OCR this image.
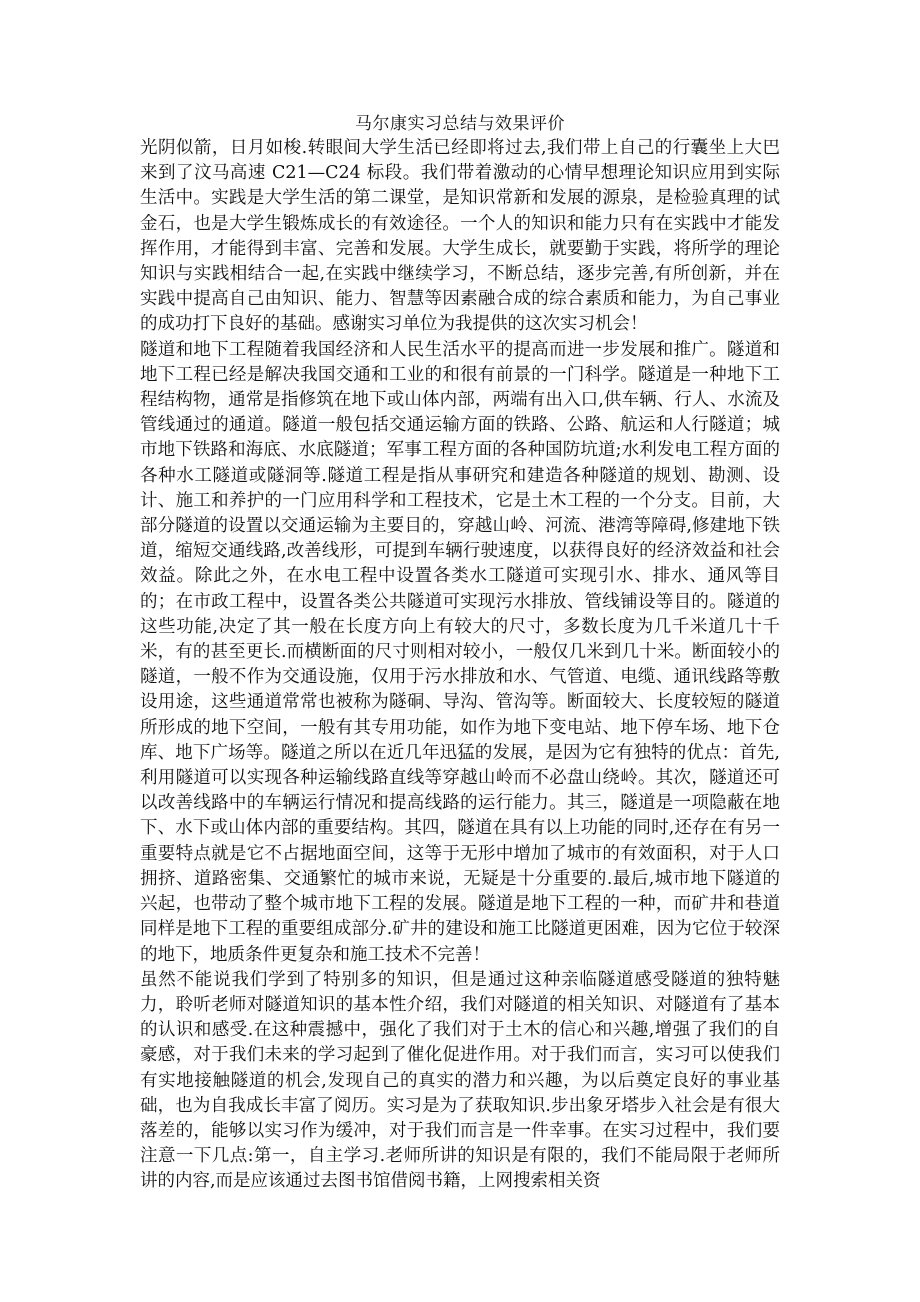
马尔康实习总结与效果评价

光阴似箭，日月如梭.转眼间大学生活已经即将过去,我们带上自己的行囊坐上大巴来到了汶马高速 C21—C24 标段。我们带着激动的心情早想理论知识应用到实际生活中。实践是大学生活的第二课堂，是知识常新和发展的源泉，是检验真理的试金石，也是大学生锻炼成长的有效途径。一个人的知识和能力只有在实践中才能发挥作用，才能得到丰富、完善和发展。大学生成长，就要勤于实践，将所学的理论知识与实践相结合一起,在实践中继续学习，不断总结，逐步完善,有所创新，并在实践中提高自己由知识、能力、智慧等因素融合成的综合素质和能力，为自己事业的成功打下良好的基础。感谢实习单位为我提供的这次实习机会！

隧道和地下工程随着我国经济和人民生活水平的提高而进一步发展和推广。隧道和地下工程已经是解决我国交通和工业的和很有前景的一门科学。隧道是一种地下工程结构物，通常是指修筑在地下或山体内部，两端有出入口,供车辆、行人、水流及管线通过的通道。隧道一般包括交通运输方面的铁路、公路、航运和人行隧道；城市地下铁路和海底、水底隧道；军事工程方面的各种国防坑道;水利发电工程方面的各种水工隧道或隧洞等.隧道工程是指从事研究和建造各种隧道的规划、勘测、设计、施工和养护的一门应用科学和工程技术，它是土木工程的一个分支。目前，大部分隧道的设置以交通运输为主要目的，穿越山岭、河流、港湾等障碍,修建地下铁道，缩短交通线路,改善线形，可提到车辆行驶速度，以获得良好的经济效益和社会效益。除此之外，在水电工程中设置各类水工隧道可实现引水、排水、通风等目的；在市政工程中，设置各类公共隧道可实现污水排放、管线铺设等目的。隧道的这些功能,决定了其一般在长度方向上有较大的尺寸，多数长度为几千米道几十千米，有的甚至更长.而横断面的尺寸则相对较小，一般仅几米到几十米。断面较小的隧道，一般不作为交通设施，仅用于污水排放和水、气管道、电缆、通讯线路等敷设用途，这些通道常常也被称为隧硐、导沟、管沟等。断面较大、长度较短的隧道所形成的地下空间，一般有其专用功能，如作为地下变电站、地下停车场、地下仓库、地下广场等。隧道之所以在近几年迅猛的发展，是因为它有独特的优点：首先,利用隧道可以实现各种运输线路直线等穿越山岭而不必盘山绕岭。其次，隧道还可以改善线路中的车辆运行情况和提高线路的运行能力。其三，隧道是一项隐蔽在地下、水下或山体内部的重要结构。其四，隧道在具有以上功能的同时,还存在有另一重要特点就是它不占据地面空间，这等于无形中增加了城市的有效面积，对于人口拥挤、道路密集、交通繁忙的城市来说，无疑是十分重要的.最后,城市地下隧道的兴起，也带动了整个城市地下工程的发展。隧道是地下工程的一种，而矿井和巷道同样是地下工程的重要组成部分.矿井的建设和施工比隧道更困难，因为它位于较深的地下，地质条件更复杂和施工技术不完善！

虽然不能说我们学到了特别多的知识，但是通过这种亲临隧道感受隧道的独特魅力，聆听老师对隧道知识的基本性介绍，我们对隧道的相关知识、对隧道有了基本的认识和感受.在这种震撼中，强化了我们对于土木的信心和兴趣,增强了我们的自豪感，对于我们未来的学习起到了催化促进作用。对于我们而言，实习可以使我们有实地接触隧道的机会,发现自己的真实的潜力和兴趣，为以后奠定良好的事业基础，也为自我成长丰富了阅历。实习是为了获取知识.步出象牙塔步入社会是有很大落差的，能够以实习作为缓冲，对于我们而言是一件幸事。在实习过程中，我们要注意一下几点:第一，自主学习.老师所讲的知识是有限的，我们不能局限于老师所讲的内容,而是应该通过去图书馆借阅书籍，上网搜索相关资
